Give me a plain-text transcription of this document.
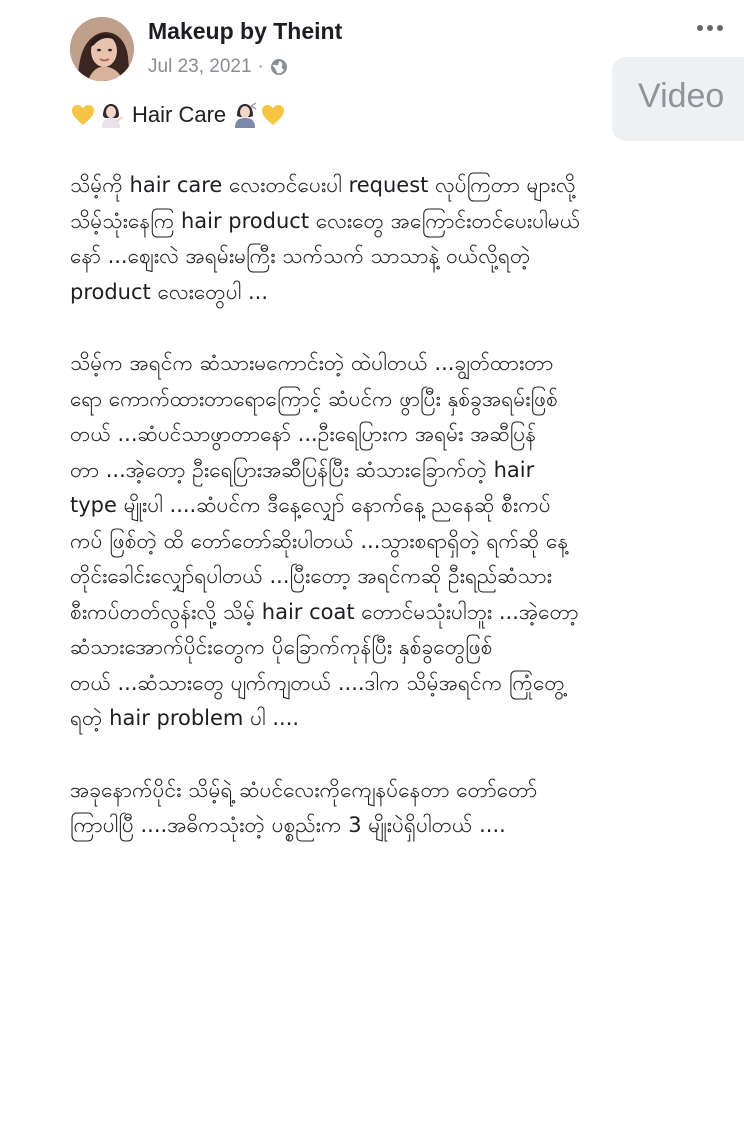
Makeup by Theint
Jul 23, 2021 ·
Video
Hair Care

သိမ့်ကို hair care လေးတင်ပေးပါ request လုပ်ကြတာ များလို့
သိမ့်သုံးနေကြ hair product လေးတွေ အကြောင်းတင်ပေးပါမယ်
နော် ...ဈေးလဲ အရမ်းမကြီး သက်သက် သာသာနဲ့ ဝယ်လို့ရတဲ့
product လေးတွေပါ ...

သိမ့်က အရင်က ဆံသားမကောင်းတဲ့ ထဲပါတယ် ...ချွတ်ထားတာ
ရော ကောက်ထားတာရောကြောင့် ဆံပင်က ဖွာပြီး နှစ်ခွအရမ်းဖြစ်
တယ် ...ဆံပင်သာဖွာတာနော် ...ဦးရေပြားက အရမ်း အဆီပြန်
တာ ...အဲ့တော့ ဦးရေပြားအဆီပြန်ပြီး ဆံသားခြောက်တဲ့ hair
type မျိုးပါ ....ဆံပင်က ဒီနေ့လျှော် နောက်နေ့ ညနေဆို စီးကပ်
ကပ် ဖြစ်တဲ့ ထိ တော်တော်ဆိုးပါတယ် ...သွားစရာရှိတဲ့ ရက်ဆို နေ့
တိုင်းခေါင်းလျှော်ရပါတယ် ...ပြီးတော့ အရင်ကဆို ဦးရည်ဆံသား
စီးကပ်တတ်လွန်းလို့ သိမ့် hair coat တောင်မသုံးပါဘူး ...အဲ့တော့
ဆံသားအောက်ပိုင်းတွေက ပိုခြောက်ကုန်ပြီး နှစ်ခွတွေဖြစ်
တယ် ...ဆံသားတွေ ပျက်ကျတယ် ....ဒါက သိမ့်အရင်က ကြုံတွေ့
ရတဲ့ hair problem ပါ ....

အခုနောက်ပိုင်း သိမ့်ရဲ့ ဆံပင်လေးကိုကျေနပ်နေတာ တော်တော်
ကြာပါပြီ ....အဓိကသုံးတဲ့ ပစ္စည်းက 3 မျိုးပဲရှိပါတယ် ....
